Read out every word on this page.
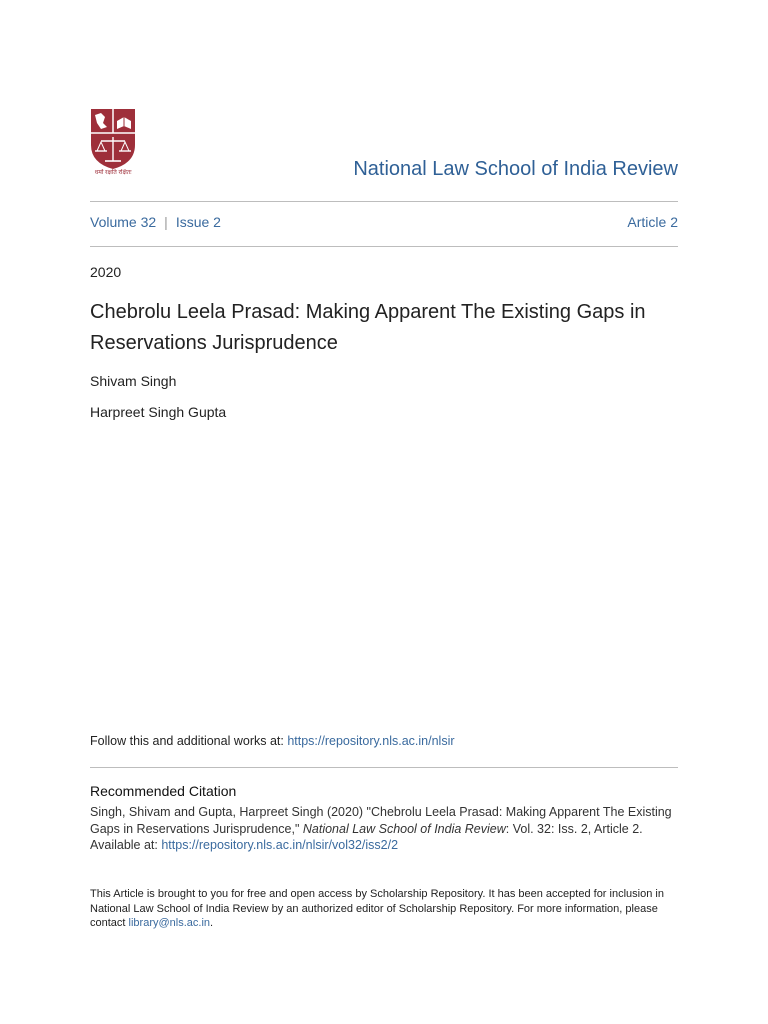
धर्मो रक्षति रक्षितः	National Law School of India Review
Volume 32 | Issue 2	Article 2
2020
Chebrolu Leela Prasad: Making Apparent The Existing Gaps in Reservations Jurisprudence
Shivam Singh
Harpreet Singh Gupta
Follow this and additional works at: https://repository.nls.ac.in/nlsir
Recommended Citation
Singh, Shivam and Gupta, Harpreet Singh (2020) "Chebrolu Leela Prasad: Making Apparent The Existing Gaps in Reservations Jurisprudence," National Law School of India Review: Vol. 32: Iss. 2, Article 2.
Available at: https://repository.nls.ac.in/nlsir/vol32/iss2/2
This Article is brought to you for free and open access by Scholarship Repository. It has been accepted for inclusion in National Law School of India Review by an authorized editor of Scholarship Repository. For more information, please contact library@nls.ac.in.
